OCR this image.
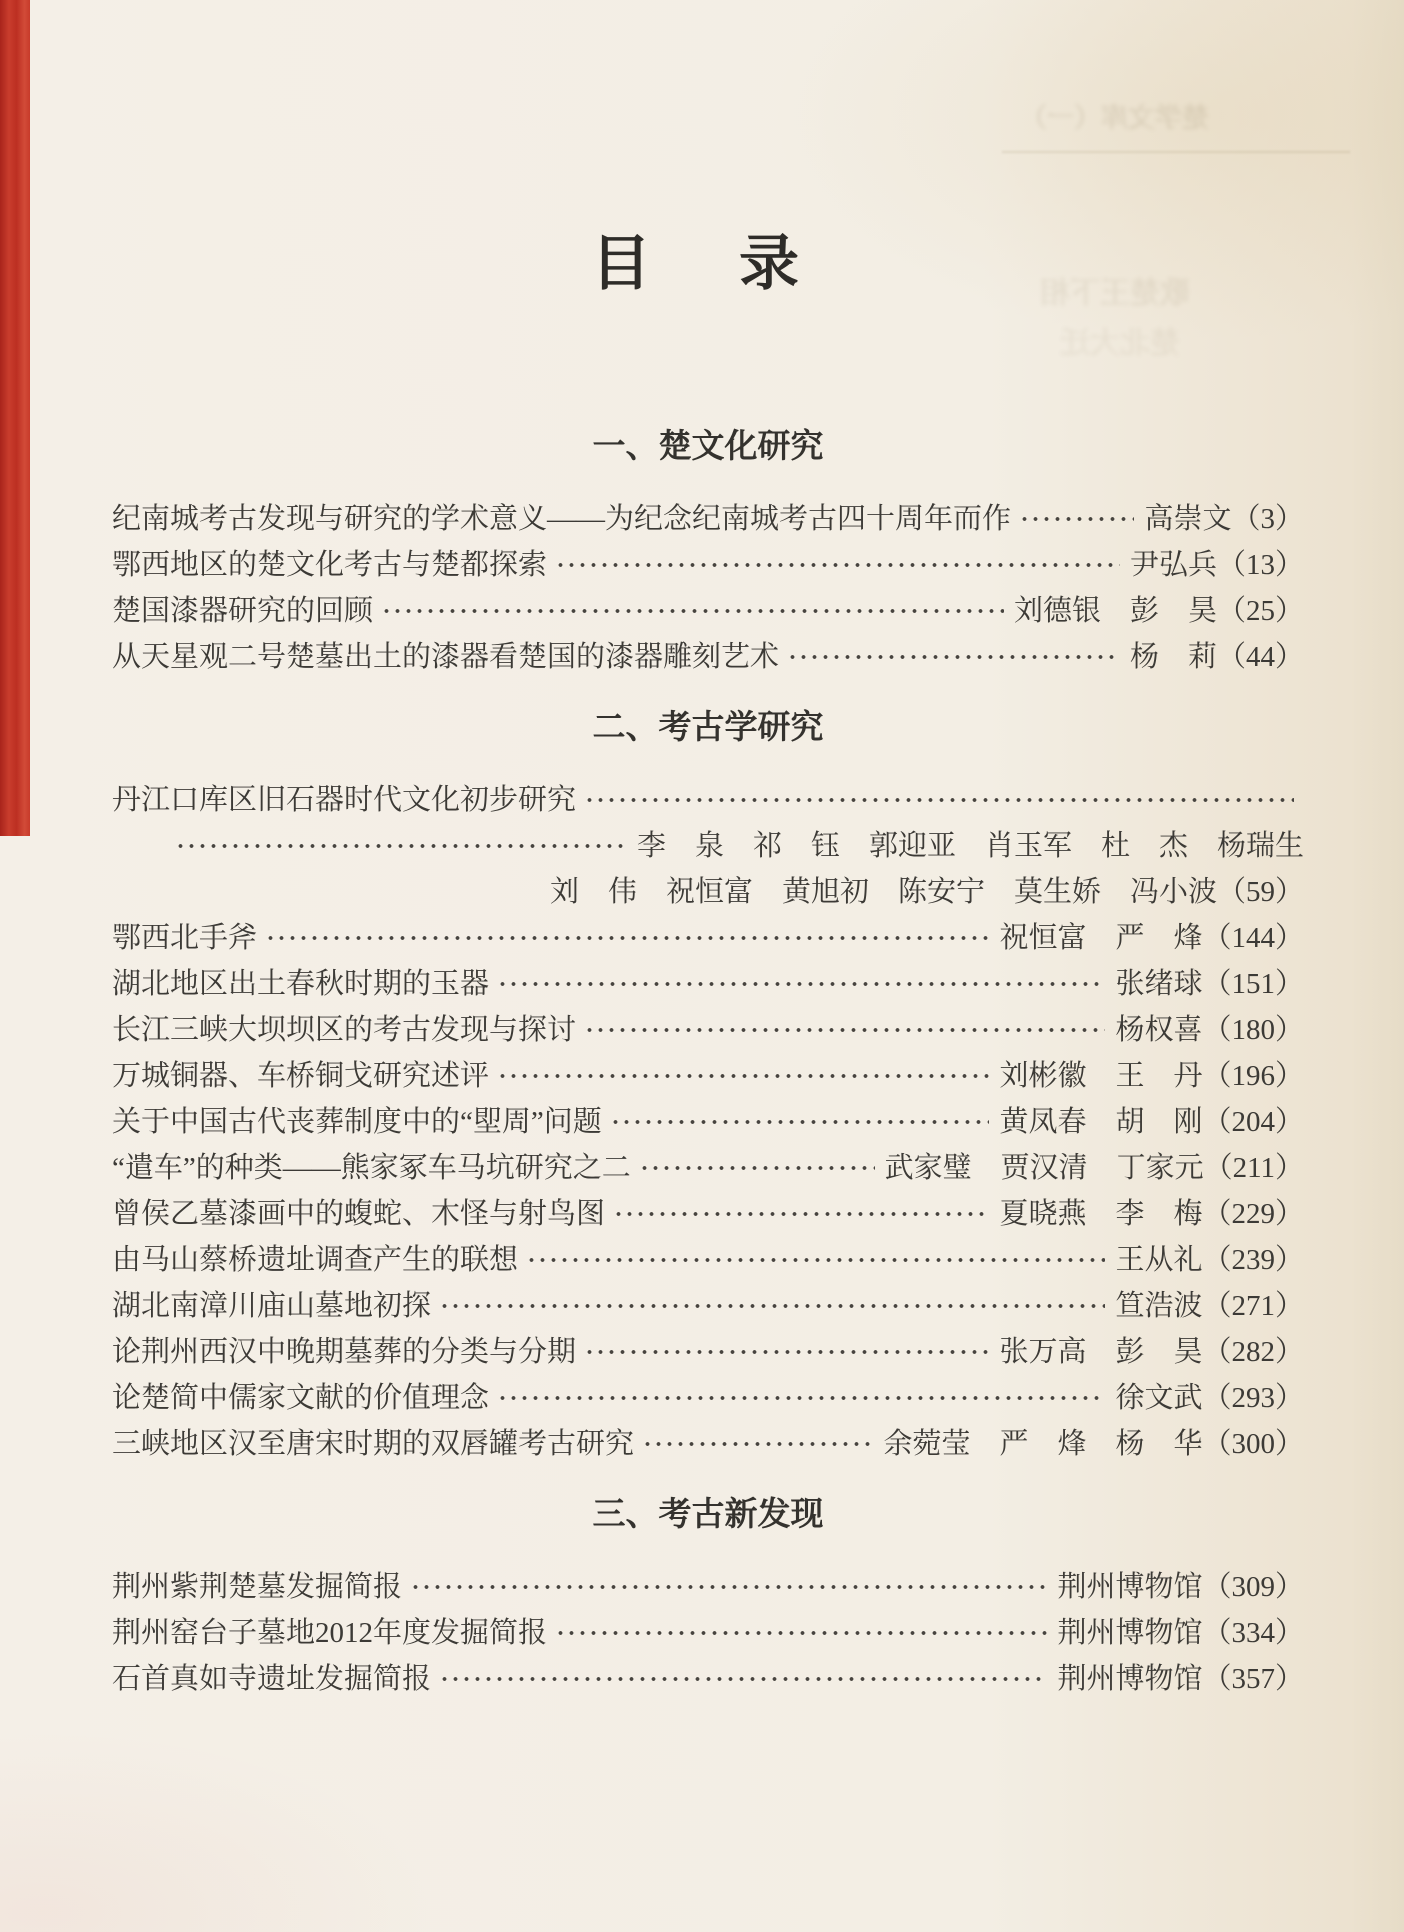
楚学文库（一）
歌楚王下相
楚北大迁
目　录
一、楚文化研究
纪南城考古发现与研究的学术意义——为纪念纪南城考古四十周年而作	高崇文（3）
鄂西地区的楚文化考古与楚都探索	尹弘兵（13）
楚国漆器研究的回顾	刘德银　彭　昊（25）
从天星观二号楚墓出土的漆器看楚国的漆器雕刻艺术	杨　莉（44）
二、考古学研究
丹江口库区旧石器时代文化初步研究
李　泉　祁　钰　郭迎亚　肖玉军　杜　杰　杨瑞生
刘　伟　祝恒富　黄旭初　陈安宁　莫生娇　冯小波（59）
鄂西北手斧	祝恒富　严　烽（144）
湖北地区出土春秋时期的玉器	张绪球（151）
长江三峡大坝坝区的考古发现与探讨	杨权喜（180）
万城铜器、车桥铜戈研究述评	刘彬徽　王　丹（196）
关于中国古代丧葬制度中的“堲周”问题	黄凤春　胡　刚（204）
“遣车”的种类——熊家冢车马坑研究之二	武家璧　贾汉清　丁家元（211）
曾侯乙墓漆画中的蝮蛇、木怪与射鸟图	夏晓燕　李　梅（229）
由马山蔡桥遗址调查产生的联想	王从礼（239）
湖北南漳川庙山墓地初探	笪浩波（271）
论荆州西汉中晚期墓葬的分类与分期	张万高　彭　昊（282）
论楚简中儒家文献的价值理念	徐文武（293）
三峡地区汉至唐宋时期的双唇罐考古研究	余菀莹　严　烽　杨　华（300）
三、考古新发现
荆州紫荆楚墓发掘简报	荆州博物馆（309）
荆州窑台子墓地2012年度发掘简报	荆州博物馆（334）
石首真如寺遗址发掘简报	荆州博物馆（357）
